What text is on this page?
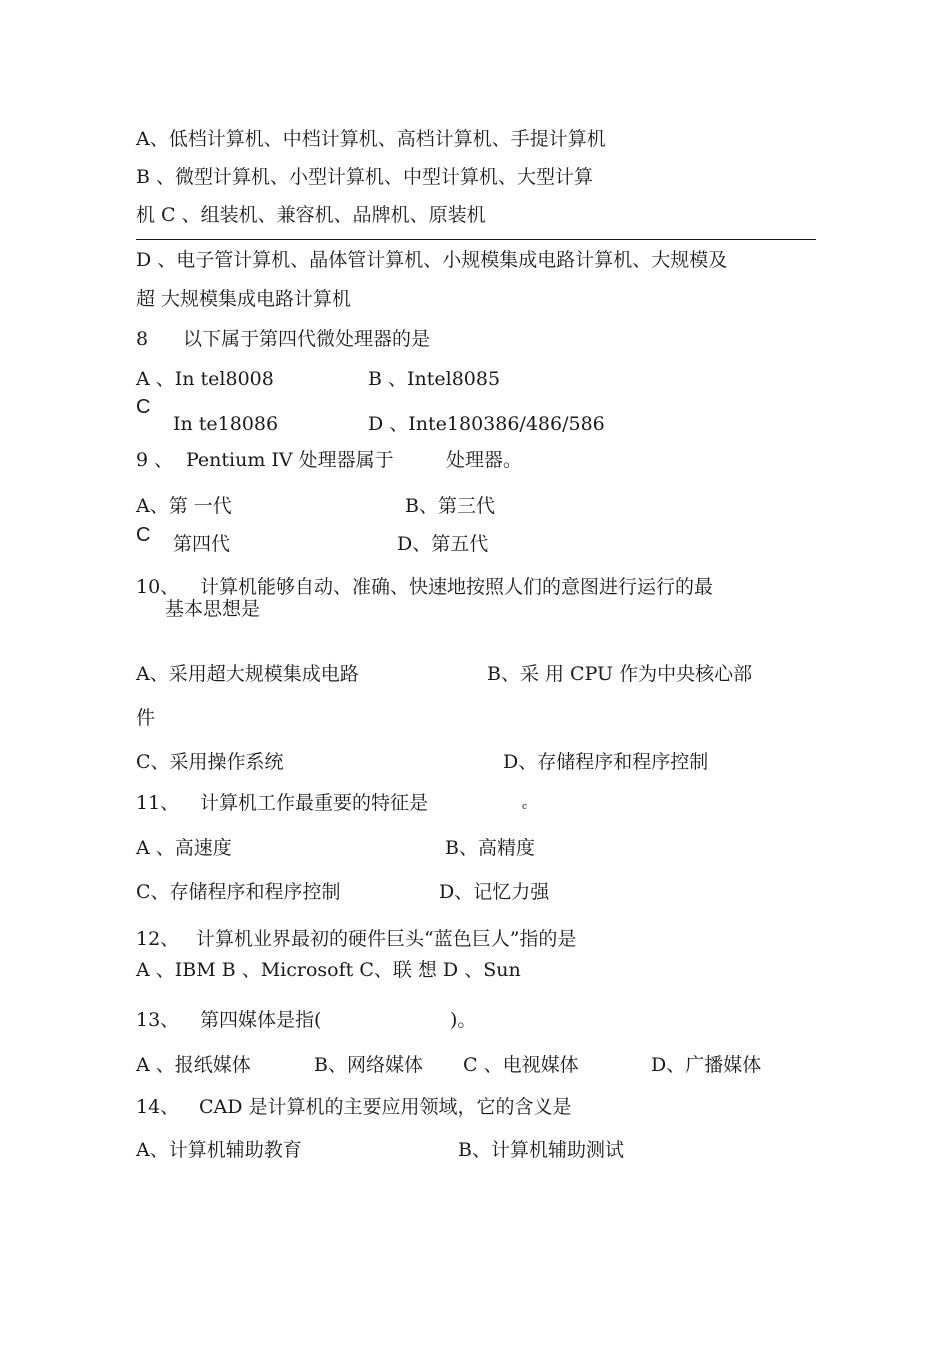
A、低档计算机、中档计算机、高档计算机、手提计算机
B 、微型计算机、小型计算机、中型计算机、大型计算
机 C 、组装机、兼容机、品牌机、原装机
D 、电子管计算机、晶体管计算机、小规模集成电路计算机、大规模及
超 大规模集成电路计算机
8 以下属于第四代微处理器的是
A 、In tel8008	B 、Intel8085
C
In te18086	D 、Inte180386/486/586
9 、 Pentium IV 处理器属于	处理器。
A、第 一代	B、第三代
C 第四代	D、第五代
10、 计算机能够自动、准确、快速地按照人们的意图进行运行的最
基本思想是
A、采用超大规模集成电路	B、采 用 CPU 作为中央核心部
件
C、采用操作系统	D、存储程序和程序控制
11、 计算机工作最重要的特征是	c
A 、高速度	B、高精度
C、存储程序和程序控制	D、记忆力强
12、 计算机业界最初的硬件巨头“蓝色巨人”指的是
A 、IBM B 、Microsoft C、联 想 D 、Sun
13、 第四媒体是指(	)。
A 、报纸媒体	B、网络媒体 C 、电视媒体	D、广播媒体
14、 CAD 是计算机的主要应用领域，它的含义是
A、计算机辅助教育	B、计算机辅助测试
